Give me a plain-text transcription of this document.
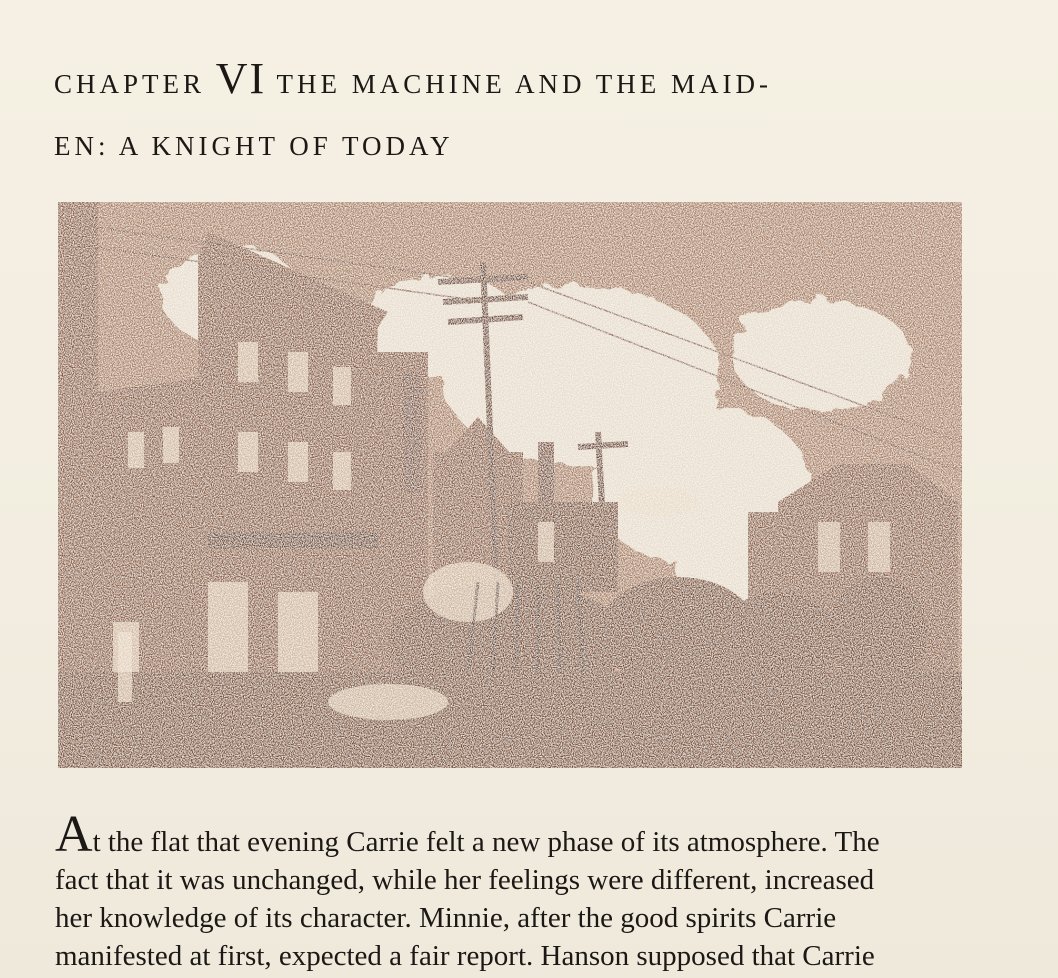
CHAPTER VI THE MACHINE AND THE MAID-
EN: A KNIGHT OF TODAY
At the flat that evening Carrie felt a new phase of its atmosphere. The
fact that it was unchanged, while her feelings were different, increased
her knowledge of its character. Minnie, after the good spirits Carrie
manifested at first, expected a fair report. Hanson supposed that Carrie
